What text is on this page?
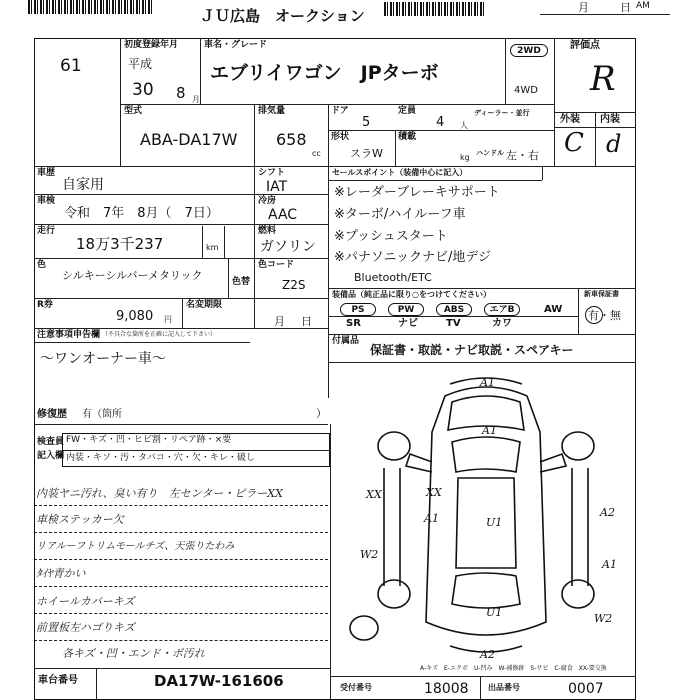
ＪＵ広島　オークション	月	日 AM
61
初度登録年月
平成
30 8 月
車名・グレード
エブリイワゴン　JPターボ
2WD
4WD
型式
ABA-DA17W
排気量
658
cc
ドア
5
定員
4 人
ディーラー・並行
形状
スラW
積載
kg ハンドル 左・右
評価点
R
外装 内装
C d
車歴
自家用
シフト
IAT
車検
令和　7年　8月（　7日）
冷房
AAC
走行
18万3千237	km
燃料
ガソリン
色
シルキーシルバーメタリック	色替
色コード
Z2S
R券
9,080 円
名変期限
月日
セールスポイント（装備中心に記入）
※レーダーブレーキサポート
※ターボ/ハイルーフ車
※プッシュスタート
※パナソニックナビ/地デジ
Bluetooth/ETC
装備品（純正品に限り○をつけてください）
PS	PW	ABS	エアB	AW
SR	ナビ	TV	カワ
新車保証書
有・無
付属品
保証書・取説・ナビ取説・スペアキー
注意事項申告欄 （不具合な箇所を正確に記入して下さい）
～ワンオーナー車～
修復歴 有（箇所	）
検査員
記入欄
FW・キズ・凹・ヒビ割・リペア跡・×要
内装・キソ・汚・タバコ・穴・欠・キレ・破し
内装ヤニ汚れ、臭い有り　左センター・ピラーXX
車検ステッカー欠
リアルーフトリムモールチズ、天張りたわみ
ﾀｲﾔ青かい
ホイールカバーキズ
前置板左ハゴりキズ
各キズ・凹・エンド・ボ汚れ
車台番号	DA17W-161606
A1
A1
XX	XX
A1	U1
A2
W2
U1	W2
A2
A1
A-キズ　E-エクボ　U-凹み　W-補修跡　S-サビ　C-腐食　XX-要交換
受付番号	18008 出品番号	0007
